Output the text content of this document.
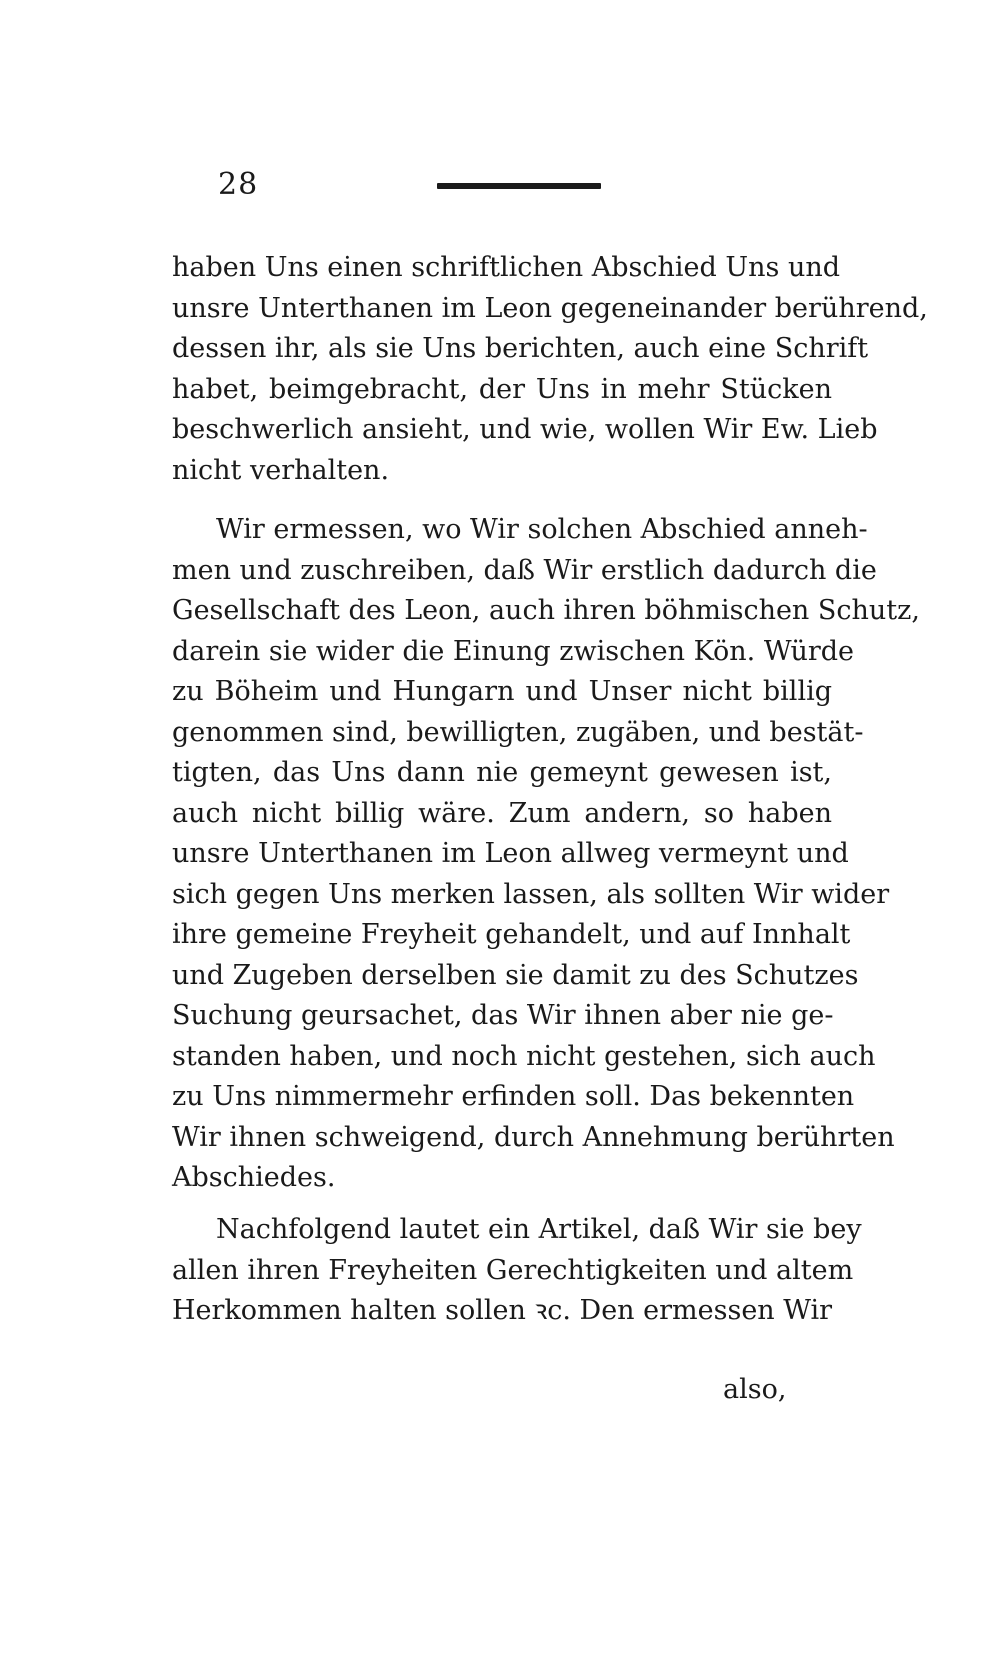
28
haben Uns einen schriftlichen Abschied Uns und
unsre Unterthanen im Leon gegeneinander berührend,
dessen ihr, als sie Uns berichten, auch eine Schrift
habet, beimgebracht, der Uns in mehr Stücken
beschwerlich ansieht, und wie, wollen Wir Ew. Lieb
nicht verhalten.
Wir ermessen, wo Wir solchen Abschied anneh-
men und zuschreiben, daß Wir erstlich dadurch die
Gesellschaft des Leon, auch ihren böhmischen Schutz,
darein sie wider die Einung zwischen Kön. Würde
zu Böheim und Hungarn und Unser nicht billig
genommen sind, bewilligten, zugäben, und bestät-
tigten, das Uns dann nie gemeynt gewesen ist,
auch nicht billig wäre. Zum andern, so haben
unsre Unterthanen im Leon allweg vermeynt und
sich gegen Uns merken lassen, als sollten Wir wider
ihre gemeine Freyheit gehandelt, und auf Innhalt
und Zugeben derselben sie damit zu des Schutzes
Suchung geursachet, das Wir ihnen aber nie ge-
standen haben, und noch nicht gestehen, sich auch
zu Uns nimmermehr erfinden soll. Das bekennten
Wir ihnen schweigend, durch Annehmung berührten
Abschiedes.
Nachfolgend lautet ein Artikel, daß Wir sie bey
allen ihren Freyheiten Gerechtigkeiten und altem
Herkommen halten sollen ꝛc. Den ermessen Wir
also,
